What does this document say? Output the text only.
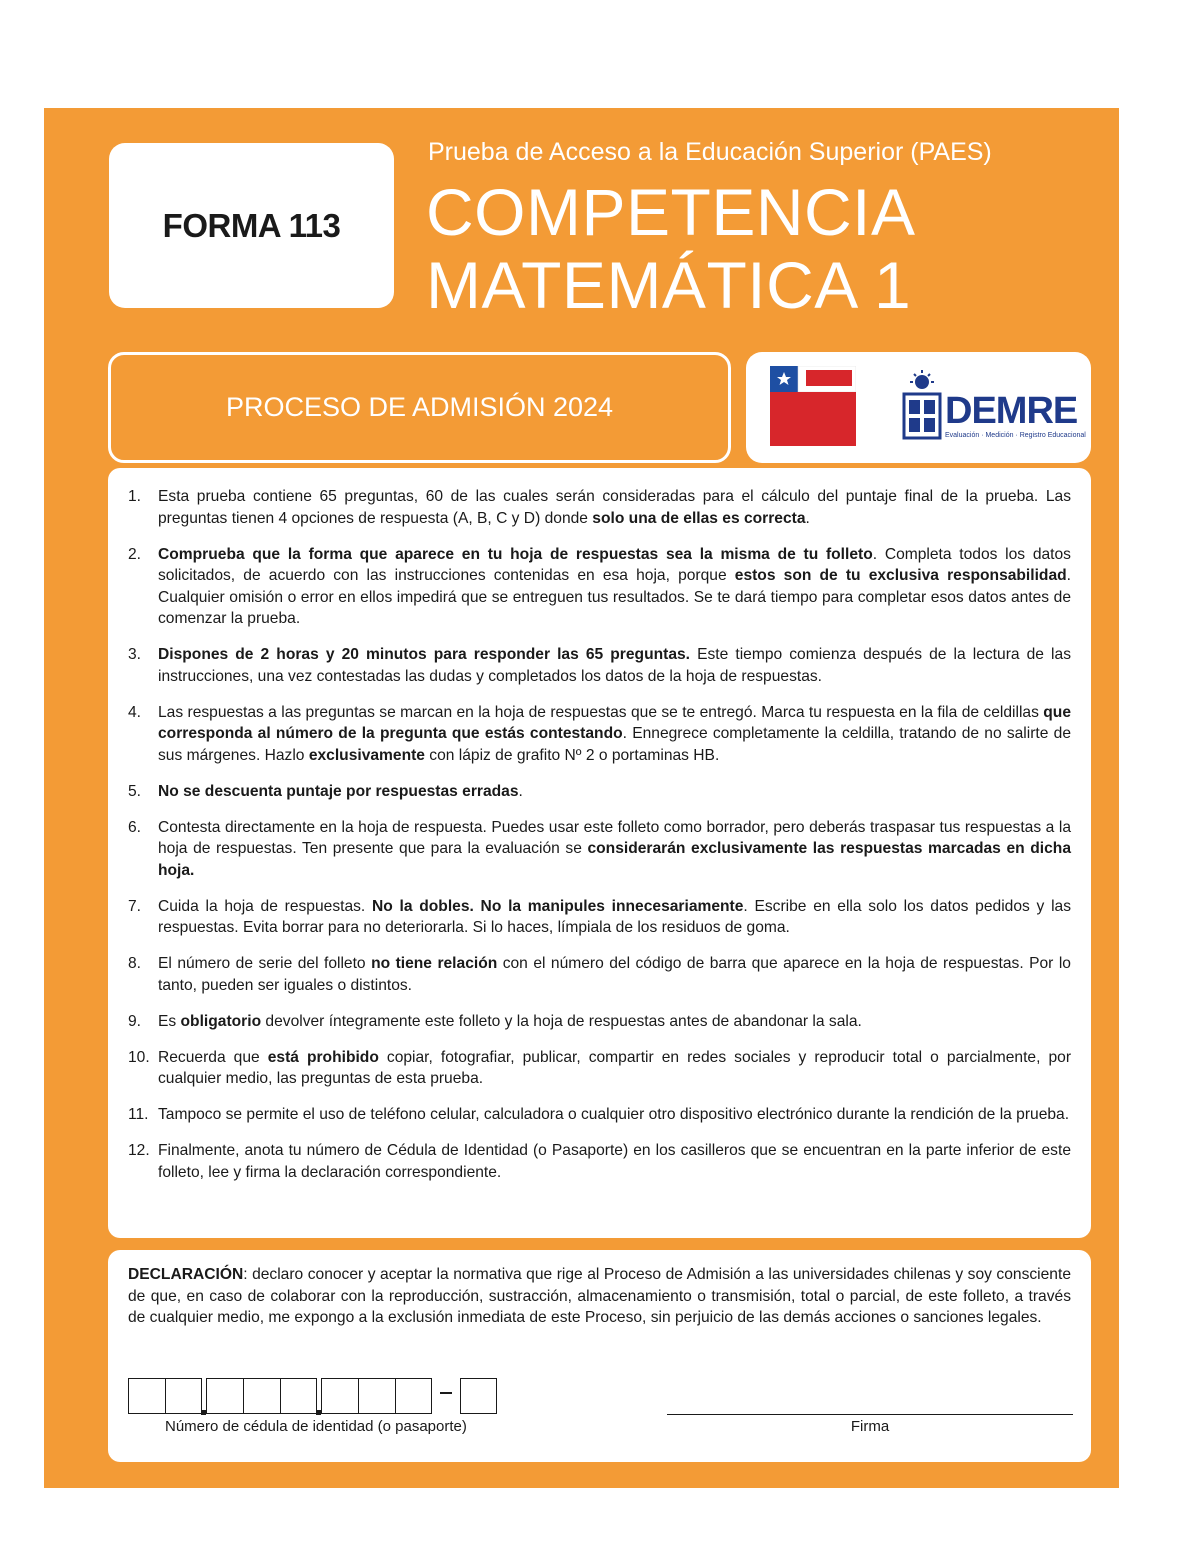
FORMA 113
Prueba de Acceso a la Educación Superior (PAES)
COMPETENCIA
MATEMÁTICA 1
PROCESO DE ADMISIÓN 2024	DEMRE
Evaluación · Medición · Registro Educacional
1. Esta prueba contiene 65 preguntas, 60 de las cuales serán consideradas para el cálculo del puntaje final de la prueba. Las preguntas tienen 4 opciones de respuesta (A, B, C y D) donde solo una de ellas es correcta.
2. Comprueba que la forma que aparece en tu hoja de respuestas sea la misma de tu folleto. Completa todos los datos solicitados, de acuerdo con las instrucciones contenidas en esa hoja, porque estos son de tu exclusiva responsabilidad. Cualquier omisión o error en ellos impedirá que se entreguen tus resultados. Se te dará tiempo para completar esos datos antes de comenzar la prueba.
3. Dispones de 2 horas y 20 minutos para responder las 65 preguntas. Este tiempo comienza después de la lectura de las instrucciones, una vez contestadas las dudas y completados los datos de la hoja de respuestas.
4. Las respuestas a las preguntas se marcan en la hoja de respuestas que se te entregó. Marca tu respuesta en la fila de celdillas que corresponda al número de la pregunta que estás contestando. Ennegrece completamente la celdilla, tratando de no salirte de sus márgenes. Hazlo exclusivamente con lápiz de grafito Nº 2 o portaminas HB.
5. No se descuenta puntaje por respuestas erradas.
6. Contesta directamente en la hoja de respuesta. Puedes usar este folleto como borrador, pero deberás traspasar tus respuestas a la hoja de respuestas. Ten presente que para la evaluación se considerarán exclusivamente las respuestas marcadas en dicha hoja.
7. Cuida la hoja de respuestas. No la dobles. No la manipules innecesariamente. Escribe en ella solo los datos pedidos y las respuestas. Evita borrar para no deteriorarla. Si lo haces, límpiala de los residuos de goma.
8. El número de serie del folleto no tiene relación con el número del código de barra que aparece en la hoja de respuestas. Por lo tanto, pueden ser iguales o distintos.
9. Es obligatorio devolver íntegramente este folleto y la hoja de respuestas antes de abandonar la sala.
10. Recuerda que está prohibido copiar, fotografiar, publicar, compartir en redes sociales y reproducir total o parcialmente, por cualquier medio, las preguntas de esta prueba.
11. Tampoco se permite el uso de teléfono celular, calculadora o cualquier otro dispositivo electrónico durante la rendición de la prueba.
12. Finalmente, anota tu número de Cédula de Identidad (o Pasaporte) en los casilleros que se encuentran en la parte inferior de este folleto, lee y firma la declaración correspondiente.
DECLARACIÓN: declaro conocer y aceptar la normativa que rige al Proceso de Admisión a las universidades chilenas y soy consciente de que, en caso de colaborar con la reproducción, sustracción, almacenamiento o transmisión, total o parcial, de este folleto, a través de cualquier medio, me expongo a la exclusión inmediata de este Proceso, sin perjuicio de las demás acciones o sanciones legales.
Número de cédula de identidad (o pasaporte)	Firma
